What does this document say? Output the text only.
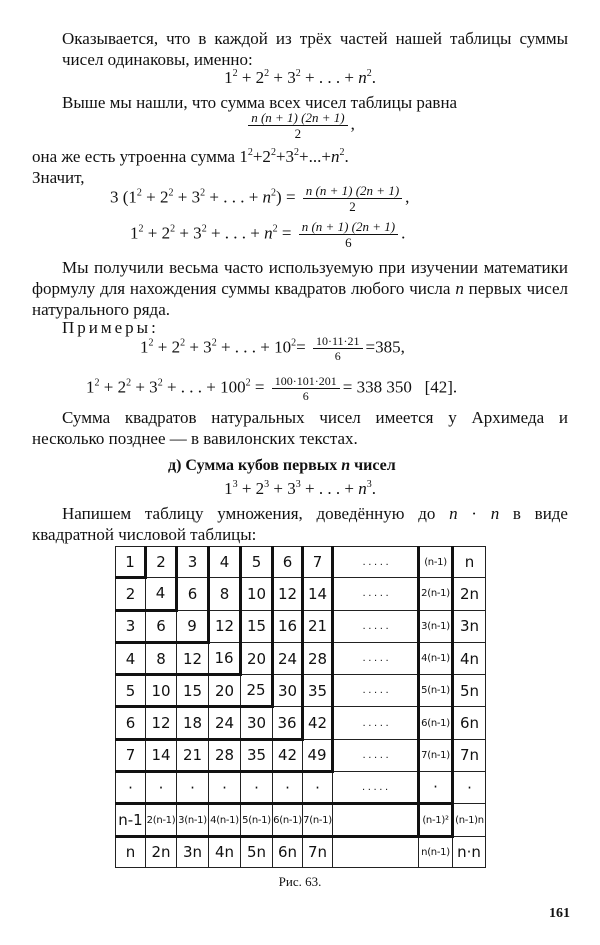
Оказывается, что в каждой из трёх частей нашей таблицы суммы чисел одинаковы, именно:
$1^2 + 2^2 + 3^2$ + . . . + $n^2$.
Выше мы нашли, что сумма всех чисел таблицы равна
$\frac{n (n + 1) (2n + 1)}{2}$ ,
она же есть утроенна сумма $1^2+2^2+3^2+...+n^2$.
Значит,
3 ($1^2 + 2^2 + 3^2$ + . . . + $n^2) = \frac{n (n + 1) (2n + 1)}{2}$ ,
$1^2 + 2^2 + 3^2$ + . . . + $n^2 = \frac{n (n + 1) (2n + 1)}{6}$ .
Мы получили весьма часто используемую при изучении математики формулу для нахождения суммы квадратов любого числа n первых чисел натурального ряда.
Примеры:
$1^2 + 2^2 + 3^2$ + . . . + $10^2= \frac{10\cdot 11\cdot 21}{6} =385$,
$1^2 + 2^2 + 3^2$ + . . . + $100^2 = \frac{100\cdot 101\cdot 201}{6} = 338$ 350 [42].
Сумма квадратов натуральных чисел имеется у Архимеда и несколько позднее — в вавилонских текстах.
д) Сумма кубов первых n чисел
$1^3 + 2^3 + 3^3$ + . . . + $n^3$.
Напишем таблицу умножения, доведённую до n · n в виде квадратной числовой таблицы:
1	2	3	4	5	6	7	. . . . .	(n-1)	n
2	4	6	8	10	12	14	. . . . .	2(n-1)	2n
3	6	9	12	15	16	21	. . . . .	3(n-1)	3n
4	8	12	16	20	24	28	. . . . .	4(n-1)	4n
5	10	15	20	25	30	35	. . . . .	5(n-1)	5n
6	12	18	24	30	36	42	. . . . .	6(n-1)	6n
7	14	21	28	35	42	49	. . . . .	7(n-1)	7n
·	·	·	·	·	·	·	. . . . .	·	·
n-1	2(n-1)	3(n-1)	4(n-1)	5(n-1)	6(n-1)	7(n-1)		(n-1)²	(n-1)n
n	2n	3n	4n	5n	6n	7n		n(n-1)	n·n
Рис. 63.
161
